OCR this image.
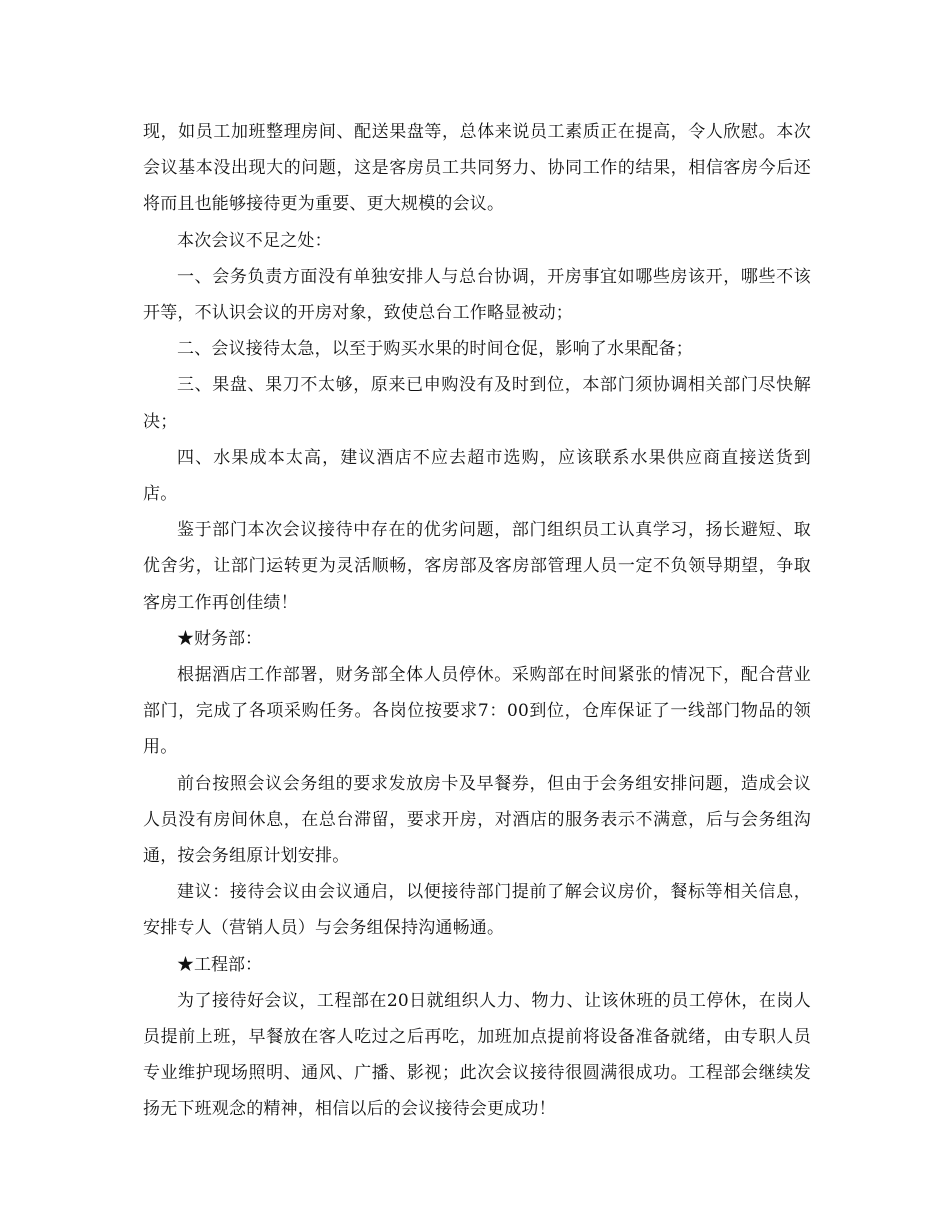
现，如员工加班整理房间、配送果盘等，总体来说员工素质正在提高，令人欣慰。本次会议基本没出现大的问题，这是客房员工共同努力、协同工作的结果，相信客房今后还将而且也能够接待更为重要、更大规模的会议。

本次会议不足之处：

一、会务负责方面没有单独安排人与总台协调，开房事宜如哪些房该开，哪些不该开等，不认识会议的开房对象，致使总台工作略显被动；

二、会议接待太急，以至于购买水果的时间仓促，影响了水果配备；

三、果盘、果刀不太够，原来已申购没有及时到位，本部门须协调相关部门尽快解决；

四、水果成本太高，建议酒店不应去超市选购，应该联系水果供应商直接送货到店。

鉴于部门本次会议接待中存在的优劣问题，部门组织员工认真学习，扬长避短、取优舍劣，让部门运转更为灵活顺畅，客房部及客房部管理人员一定不负领导期望，争取客房工作再创佳绩！

★财务部：

根据酒店工作部署，财务部全体人员停休。采购部在时间紧张的情况下，配合营业部门，完成了各项采购任务。各岗位按要求7：00到位，仓库保证了一线部门物品的领用。

前台按照会议会务组的要求发放房卡及早餐券，但由于会务组安排问题，造成会议人员没有房间休息，在总台滞留，要求开房，对酒店的服务表示不满意，后与会务组沟通，按会务组原计划安排。

建议：接待会议由会议通启，以便接待部门提前了解会议房价，餐标等相关信息，安排专人（营销人员）与会务组保持沟通畅通。

★工程部：

为了接待好会议，工程部在20日就组织人力、物力、让该休班的员工停休，在岗人员提前上班，早餐放在客人吃过之后再吃，加班加点提前将设备准备就绪，由专职人员专业维护现场照明、通风、广播、影视；此次会议接待很圆满很成功。工程部会继续发扬无下班观念的精神，相信以后的会议接待会更成功！
